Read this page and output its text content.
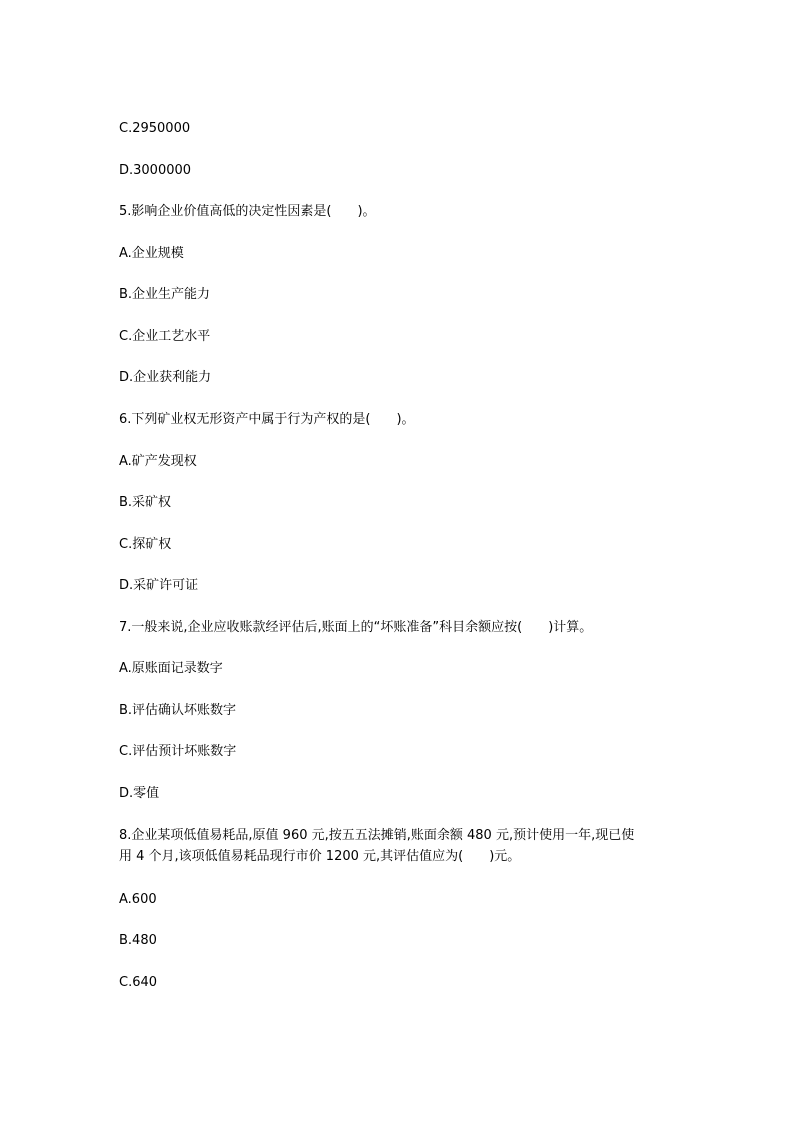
C.2950000
D.3000000
5.影响企业价值高低的决定性因素是(　　)。
A.企业规模
B.企业生产能力
C.企业工艺水平
D.企业获利能力
6.下列矿业权无形资产中属于行为产权的是(　　)。
A.矿产发现权
B.采矿权
C.探矿权
D.采矿许可证
7.一般来说,企业应收账款经评估后,账面上的“坏账准备”科目余额应按(　　)计算。
A.原账面记录数字
B.评估确认坏账数字
C.评估预计坏账数字
D.零值
8.企业某项低值易耗品,原值 960 元,按五五法摊销,账面余额 480 元,预计使用一年,现已使
用 4 个月,该项低值易耗品现行市价 1200 元,其评估值应为(　　)元。
A.600
B.480
C.640
